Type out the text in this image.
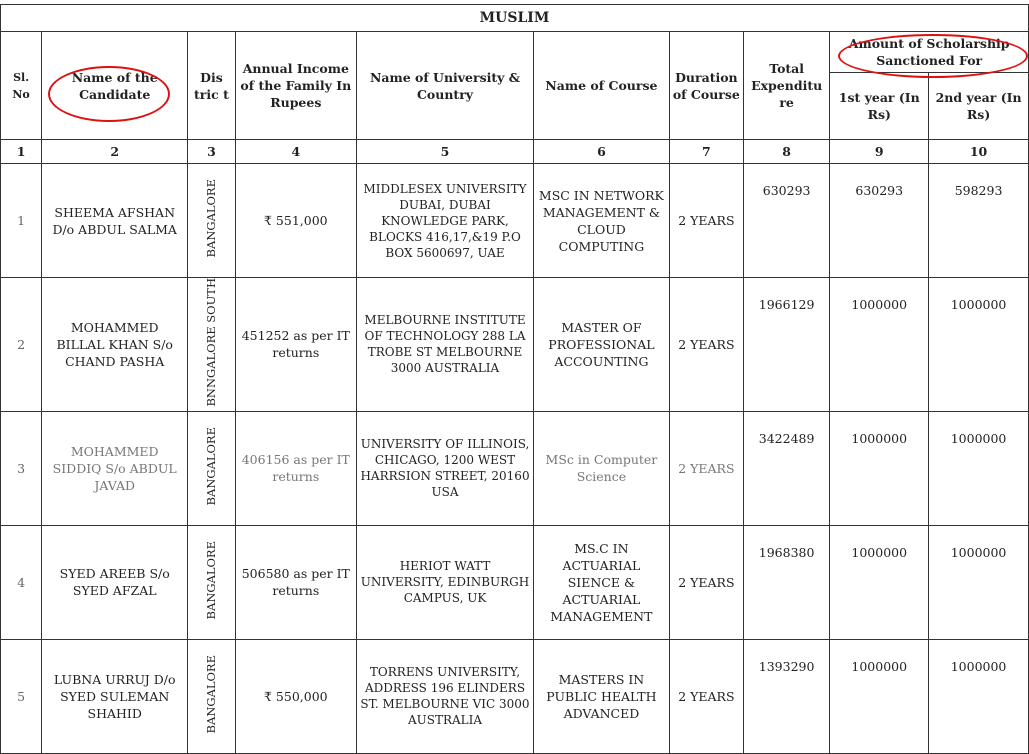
MUSLIM									
Sl. No	Name of the Candidate	Dis tric t	Annual Income of the Family In Rupees	Name of University & Country	Name of Course	Duration of Course	Total Expenditu re	Amount of Scholarship Sanctioned For	
								1st year (In Rs)	2nd year (In Rs)
1	2	3	4	5	6	7	8	9	10
1	SHEEMA AFSHAN D/o ABDUL SALMA	BANGALORE	₹ 551,000	MIDDLESEX UNIVERSITY DUBAI, DUBAI KNOWLEDGE PARK, BLOCKS 416,17,&19 P.O BOX 5600697, UAE	MSC IN NETWORK MANAGEMENT & CLOUD COMPUTING	2 YEARS	630293	630293	598293
2	MOHAMMED BILLAL KHAN S/o CHAND PASHA	BNNGALORE SOUTH	451252 as per IT returns	MELBOURNE INSTITUTE OF TECHNOLOGY 288 LA TROBE ST MELBOURNE 3000 AUSTRALIA	MASTER OF PROFESSIONAL ACCOUNTING	2 YEARS	1966129	1000000	1000000
3	MOHAMMED SIDDIQ S/o ABDUL JAVAD	BANGALORE	406156 as per IT returns	UNIVERSITY OF ILLINOIS, CHICAGO, 1200 WEST HARRSION STREET, 20160 USA	MSc in Computer Science	2 YEARS	3422489	1000000	1000000
4	SYED AREEB S/o SYED AFZAL	BANGALORE	506580 as per IT returns	HERIOT WATT UNIVERSITY, EDINBURGH CAMPUS, UK	MS.C IN ACTUARIAL SIENCE & ACTUARIAL MANAGEMENT	2 YEARS	1968380	1000000	1000000
5	LUBNA URRUJ D/o SYED SULEMAN SHAHID	BANGALORE	₹ 550,000	TORRENS UNIVERSITY, ADDRESS 196 ELINDERS ST. MELBOURNE VIC 3000 AUSTRALIA	MASTERS IN PUBLIC HEALTH ADVANCED	2 YEARS	1393290	1000000	1000000
